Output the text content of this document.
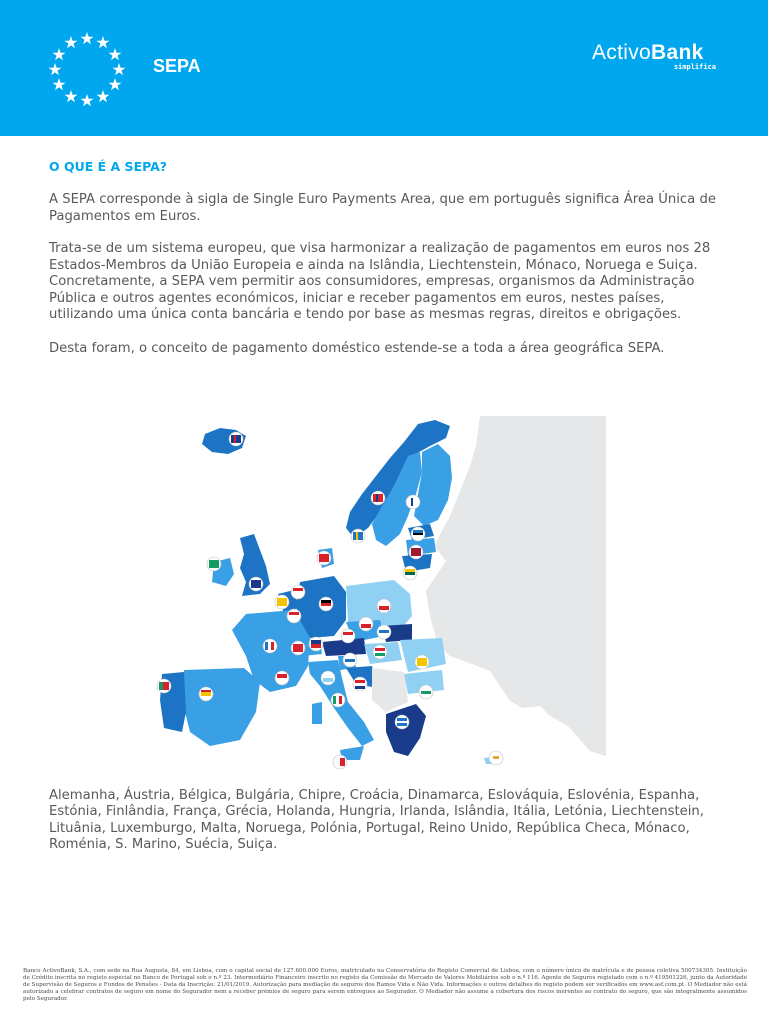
SEPA
ActivoBank
simplifica
O QUE É A SEPA?
A SEPA corresponde à sigla de Single Euro Payments Area, que em português significa Área Única de Pagamentos em Euros.
Trata-se de um sistema europeu, que visa harmonizar a realização de pagamentos em euros nos 28 Estados-Membros da União Europeia e ainda na Islândia, Liechtenstein, Mónaco, Noruega e Suiça. Concretamente, a SEPA vem permitir aos consumidores, empresas, organismos da Administração Pública e outros agentes económicos, iniciar e receber pagamentos em euros, nestes países, utilizando uma única conta bancária e tendo por base as mesmas regras, direitos e obrigações.
Desta foram, o conceito de pagamento doméstico estende-se a toda a área geográfica SEPA.
Alemanha, Áustria, Bélgica, Bulgária, Chipre, Croácia, Dinamarca, Eslováquia, Eslovénia, Espanha, Estónia, Finlândia, França, Grécia, Holanda, Hungria, Irlanda, Islândia, Itália, Letónia, Liechtenstein, Lituânia, Luxemburgo, Malta, Noruega, Polónia, Portugal, Reino Unido, República Checa, Mónaco, Roménia, S. Marino, Suécia, Suiça.
Banco ActivoBank, S.A., com sede na Rua Augusta, 84, em Lisboa, com o capital social de 127.600.000 Euros, matriculado na Conservatória do Registo Comercial de Lisboa, com o número único de matrícula e de pessoa coletiva 500734305. Instituição de Crédito inscrita no registo especial no Banco de Portugal sob o n.º 23. Intermediário Financeiro inscrito no registo da Comissão do Mercado de Valores Mobiliários sob o n.º 116. Agente de Seguros registado com o n.º 419501226, junto da Autoridade de Supervisão de Seguros e Fundos de Pensões - Data da Inscrição: 21/01/2019. Autorização para mediação de seguros dos Ramos Vida e Não Vida. Informações e outros detalhes do registo podem ser verificados em www.asf.com.pt. O Mediador não está autorizado a celebrar contratos de seguro em nome do Segurador nem a receber prémios de seguro para serem entregues ao Segurador. O Mediador não assume a cobertura dos riscos inerentes ao contrato do seguro, que são integralmente assumidos pelo Segurador.
